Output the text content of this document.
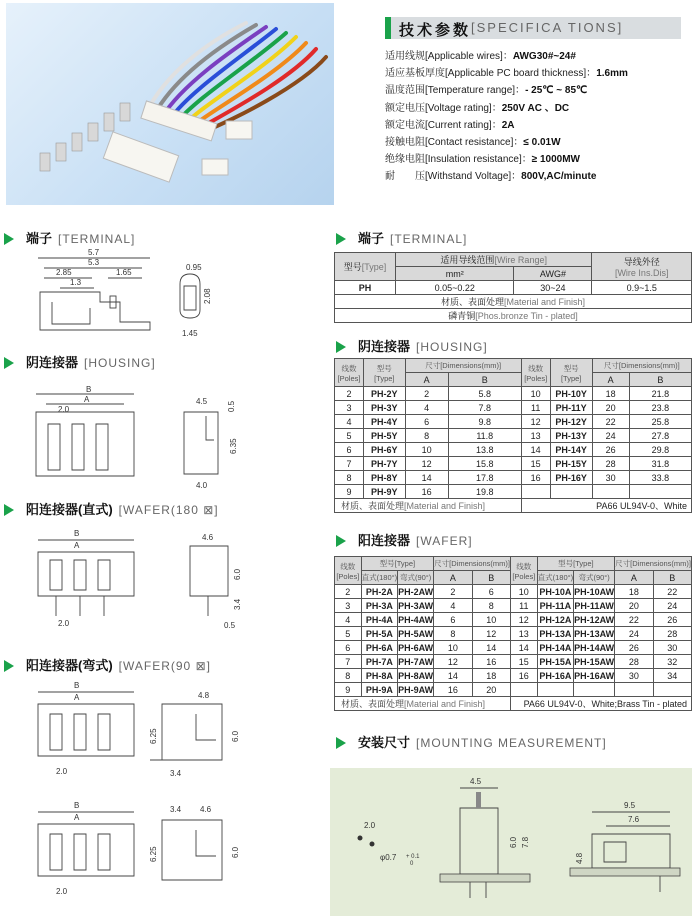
技术参数 [SPECIFICA TIONS]
适用线规[Applicable wires]：AWG30#~24#
适应基板厚度[Applicable PC board thickness]：1.6mm
温度范围[Temperature range]：- 25℃ ~ 85℃
额定电压[Voltage rating]：250V AC 、DC
额定电流[Current rating]：2A
接触电阻[Contact resistance]：≤ 0.01W
绝缘电阻[Insulation resistance]：≥ 1000MW
耐　　压[Withstand Voltage]：800V,AC/minute
端子 [TERMINAL]
阴连接器 [HOUSING]
阳连接器(直式) [WAFER(180 ⊠]
阳连接器(弯式) [WAFER(90 ⊠]
5.7
5.3
2.85	1.65
1.3
0.95
2.08
1.45
B
A
2.0
4.5 0.5
6.35
4.0
B
A
2.0
4.6
6.0
3.4
0.5
B
A
2.0
4.8
6.25	6.0
3.4
B
A
2.0
3.4 4.6
6.25	6.0
端子 [TERMINAL]
型号[Type]	适用导线范围[Wire Range]		导线外径
[Wire Ins.Dis]
	mm²	AWG#	
PH	0.05~0.22	30~24	0.9~1.5
材质、表面处理[Material and Finish]			
磷青铜[Phos.bronze Tin - plated]			
阴连接器 [HOUSING]
线数
[Poles]	型号
[Type]	尺寸[Dimensions(mm)]		线数
[Poles]	型号
[Type]	尺寸[Dimensions(mm)]	
		A	B			A	B
2	PH-2Y	2	5.8	10	PH-10Y	18	21.8
3	PH-3Y	4	7.8	11	PH-11Y	20	23.8
4	PH-4Y	6	9.8	12	PH-12Y	22	25.8
5	PH-5Y	8	11.8	13	PH-13Y	24	27.8
6	PH-6Y	10	13.8	14	PH-14Y	26	29.8
7	PH-7Y	12	15.8	15	PH-15Y	28	31.8
8	PH-8Y	14	17.8	16	PH-16Y	30	33.8
9	PH-9Y	16	19.8				
材质、表面处理[Material and Finish]				PA66 UL94V-0、White			
阳连接器 [WAFER]
线数
[Poles]	型号[Type]		尺寸[Dimensions(mm)]		线数
[Poles]	型号[Type]		尺寸[Dimensions(mm)]	
	直式(180°)	弯式(90°)	A	B		直式(180°)	弯式(90°)	A	B
2	PH-2A	PH-2AW	2	6	10	PH-10A	PH-10AW	18	22
3	PH-3A	PH-3AW	4	8	11	PH-11A	PH-11AW	20	24
4	PH-4A	PH-4AW	6	10	12	PH-12A	PH-12AW	22	26
5	PH-5A	PH-5AW	8	12	13	PH-13A	PH-13AW	24	28
6	PH-6A	PH-6AW	10	14	14	PH-14A	PH-14AW	26	30
7	PH-7A	PH-7AW	12	16	15	PH-15A	PH-15AW	28	32
8	PH-8A	PH-8AW	14	18	16	PH-16A	PH-16AW	30	34
9	PH-9A	PH-9AW	16	20					
材质、表面处理[Material and Finish]					PA66 UL94V-0、White;Brass Tin - plated				
安装尺寸 [MOUNTING MEASUREMENT]
2.0
φ0.7 + 0.1
0
4.5
6.0 7.8
9.5
7.6
4.8
